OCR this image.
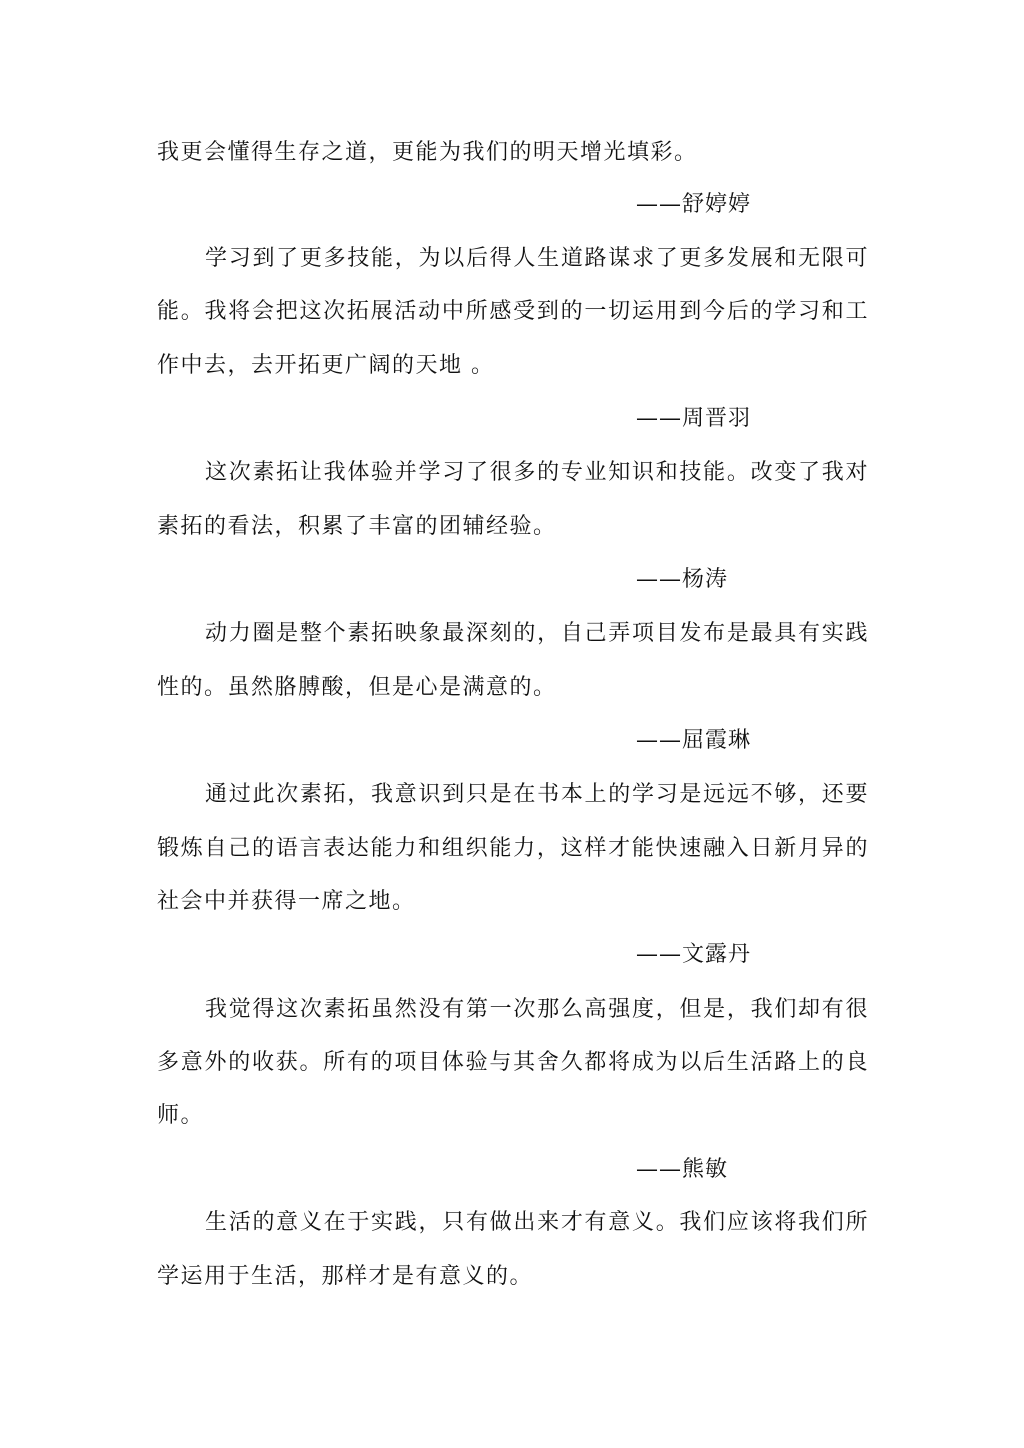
我更会懂得生存之道，更能为我们的明天增光填彩。
——舒婷婷
学习到了更多技能，为以后得人生道路谋求了更多发展和无限可
能。我将会把这次拓展活动中所感受到的一切运用到今后的学习和工
作中去，去开拓更广阔的天地 。
——周晋羽
这次素拓让我体验并学习了很多的专业知识和技能。改变了我对
素拓的看法，积累了丰富的团辅经验。
——杨涛
动力圈是整个素拓映象最深刻的，自己弄项目发布是最具有实践
性的。虽然胳膊酸，但是心是满意的。
——屈霞琳
通过此次素拓，我意识到只是在书本上的学习是远远不够，还要
锻炼自己的语言表达能力和组织能力，这样才能快速融入日新月异的
社会中并获得一席之地。
——文露丹
我觉得这次素拓虽然没有第一次那么高强度，但是，我们却有很
多意外的收获。所有的项目体验与其舍久都将成为以后生活路上的良
师。
——熊敏
生活的意义在于实践，只有做出来才有意义。我们应该将我们所
学运用于生活，那样才是有意义的。
